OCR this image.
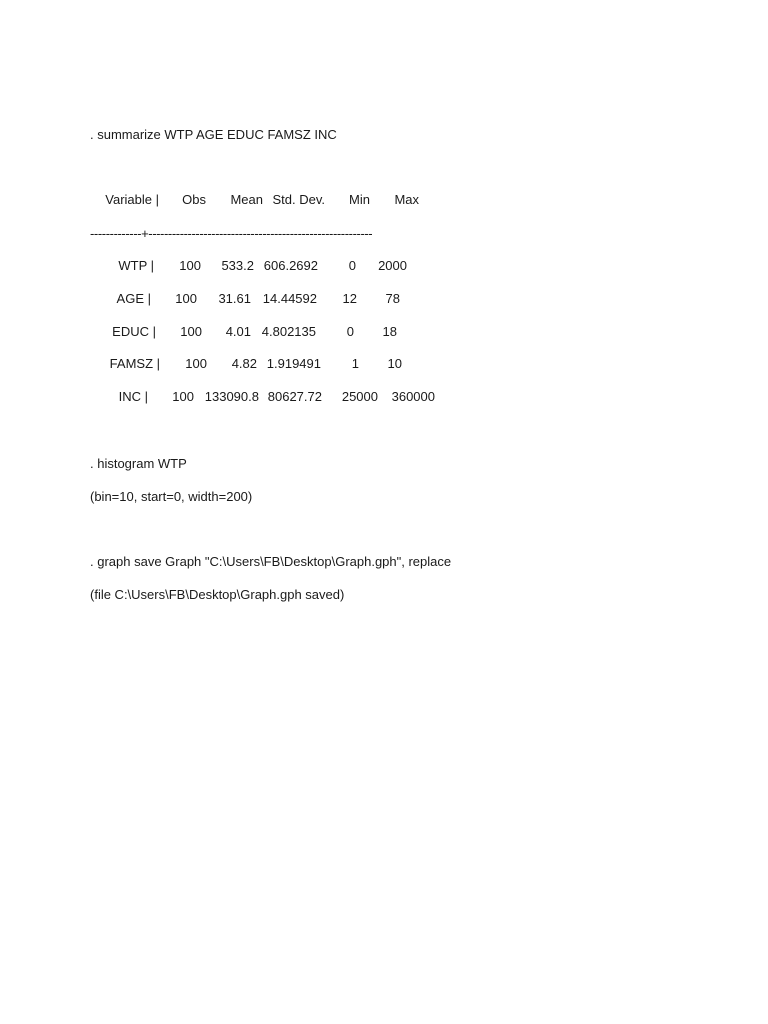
. summarize WTP AGE EDUC FAMSZ INC
Variable |	Obs	Mean Std. Dev.	Min	Max
-------------+---------------------------------------------------------
WTP |	100	533.2 606.2692	0	2000
AGE |	100	31.61 14.44592	12	78
EDUC |	100	4.01 4.802135	0	18
FAMSZ |	100	4.82 1.919491	1	10
INC |	100 133090.8 80627.72	25000	360000
. histogram WTP
(bin=10, start=0, width=200)
. graph save Graph "C:\Users\FB\Desktop\Graph.gph", replace
(file C:\Users\FB\Desktop\Graph.gph saved)
